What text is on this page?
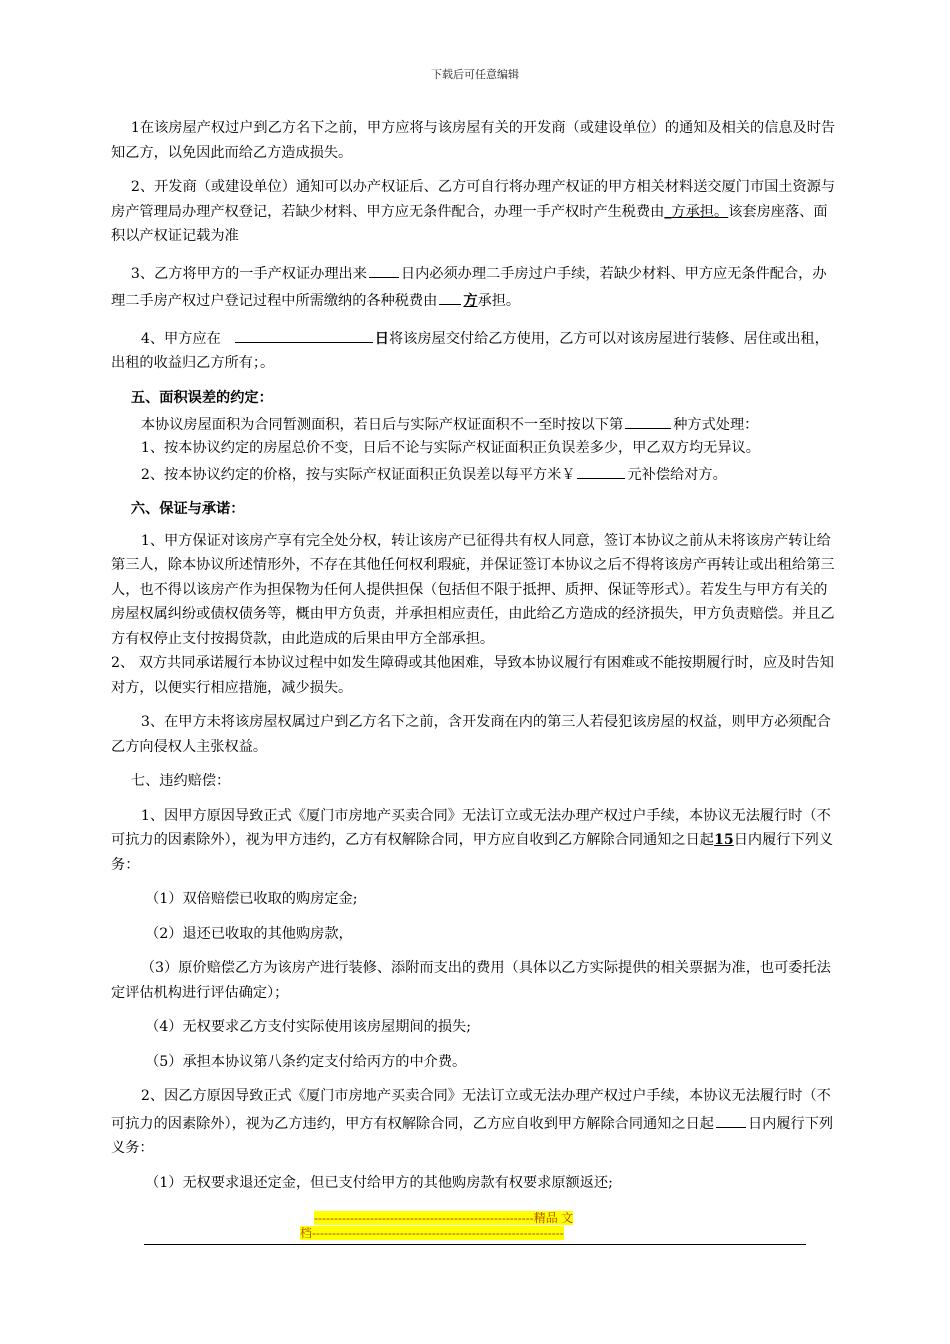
下载后可任意编辑

1在该房屋产权过户到乙方名下之前，甲方应将与该房屋有关的开发商（或建设单位）的通知及相关的信息及时告知乙方，以免因此而给乙方造成损失。

2、开发商（或建设单位）通知可以办产权证后、乙方可自行将办理产权证的甲方相关材料送交厦门市国土资源与房产管理局办理产权登记，若缺少材料、甲方应无条件配合，办理一手产权时产生税费由_方承担。该套房座落、面积以产权证记载为准

3、乙方将甲方的一手产权证办理出来 日内必须办理二手房过户手续，若缺少材料、甲方应无条件配合，办理二手房产权过户登记过程中所需缴纳的各种税费由 方承担。

4、甲方应在	日将该房屋交付给乙方使用，乙方可以对该房屋进行装修、居住或出租，出租的收益归乙方所有；。

五、面积误差的约定：

本协议房屋面积为合同暂测面积，若日后与实际产权证面积不一至时按以下第	种方式处理：

1、按本协议约定的房屋总价不变，日后不论与实际产权证面积正负误差多少，甲乙双方均无异议。

2、按本协议约定的价格，按与实际产权证面积正负误差以每平方米￥	元补偿给对方。

六、保证与承诺：

1、甲方保证对该房产享有完全处分权，转让该房产已征得共有权人同意，签订本协议之前从未将该房产转让给第三人，除本协议所述情形外，不存在其他任何权利瑕疵，并保证签订本协议之后不得将该房产再转让或出租给第三人，也不得以该房产作为担保物为任何人提供担保（包括但不限于抵押、质押、保证等形式）。若发生与甲方有关的房屋权属纠纷或债权债务等，概由甲方负责，并承担相应责任，由此给乙方造成的经济损失，甲方负责赔偿。并且乙方有权停止支付按揭贷款，由此造成的后果由甲方全部承担。

2、 双方共同承诺履行本协议过程中如发生障碍或其他困难，导致本协议履行有困难或不能按期履行时，应及时告知对方，以便实行相应措施，减少损失。

3、在甲方未将该房屋权属过户到乙方名下之前，含开发商在内的第三人若侵犯该房屋的权益，则甲方必须配合乙方向侵权人主张权益。

七、违约赔偿：

1、因甲方原因导致正式《厦门市房地产买卖合同》无法订立或无法办理产权过户手续，本协议无法履行时（不可抗力的因素除外），视为甲方违约，乙方有权解除合同，甲方应自收到乙方解除合同通知之日起15日内履行下列义务：

（1）双倍赔偿已收取的购房定金;

（2）退还已收取的其他购房款，

（3）原价赔偿乙方为该房产进行装修、添附而支出的费用（具体以乙方实际提供的相关票据为准，也可委托法定评估机构进行评估确定）；

（4）无权要求乙方支付实际使用该房屋期间的损失;

（5）承担本协议第八条约定支付给丙方的中介费。

2、因乙方原因导致正式《厦门市房地产买卖合同》无法订立或无法办理产权过户手续，本协议无法履行时（不可抗力的因素除外），视为乙方违约，甲方有权解除合同，乙方应自收到甲方解除合同通知之日起 日内履行下列义务：

（1）无权要求退还定金，但已支付给甲方的其他购房款有权要求原额返还;

-------------------------------------------------------精品 文
档---------------------------------------------------------------
